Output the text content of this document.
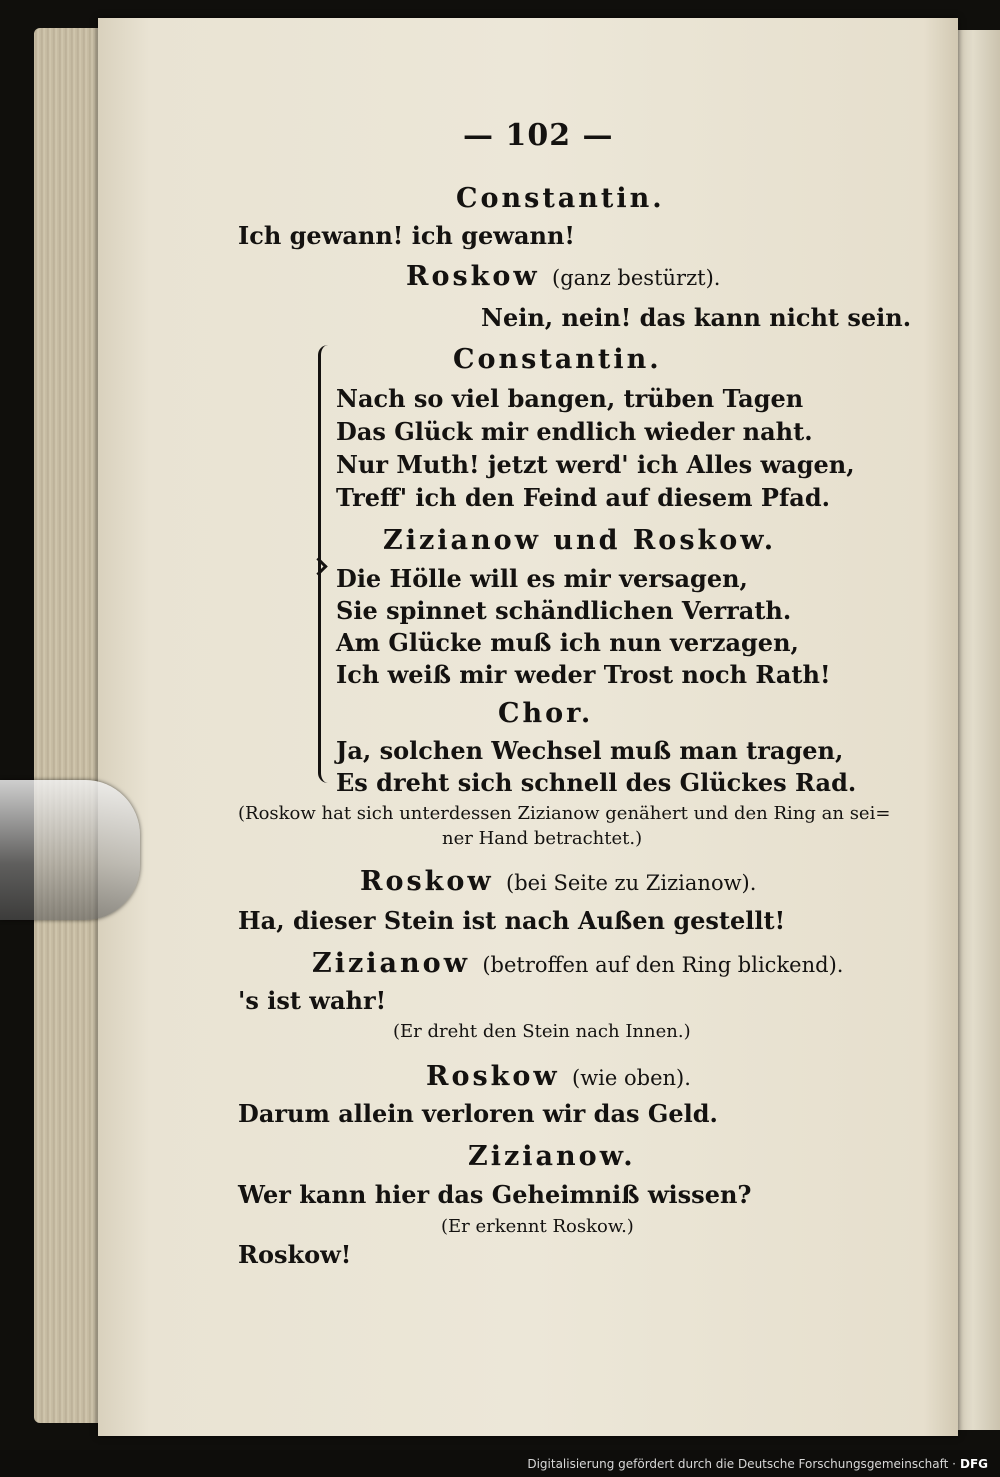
— 102 —
Constantin.
Ich gewann! ich gewann!
Roskow (ganz bestürzt).
Nein, nein! das kann nicht sein.
Constantin.
Nach so viel bangen, trüben Tagen
Das Glück mir endlich wieder naht.
Nur Muth! jetzt werd' ich Alles wagen,
Treff' ich den Feind auf diesem Pfad.
Zizianow und Roskow.
Die Hölle will es mir versagen,
Sie spinnet schändlichen Verrath.
Am Glücke muß ich nun verzagen,
Ich weiß mir weder Trost noch Rath!
Chor.
Ja, solchen Wechsel muß man tragen,
Es dreht sich schnell des Glückes Rad.
(Roskow hat sich unterdessen Zizianow genähert und den Ring an sei=
ner Hand betrachtet.)
Roskow (bei Seite zu Zizianow).
Ha, dieser Stein ist nach Außen gestellt!
Zizianow (betroffen auf den Ring blickend).
's ist wahr!
(Er dreht den Stein nach Innen.)
Roskow (wie oben).
Darum allein verloren wir das Geld.
Zizianow.
Wer kann hier das Geheimniß wissen?
(Er erkennt Roskow.)
Roskow!
Digitalisierung gefördert durch die Deutsche Forschungsgemeinschaft · DFG
